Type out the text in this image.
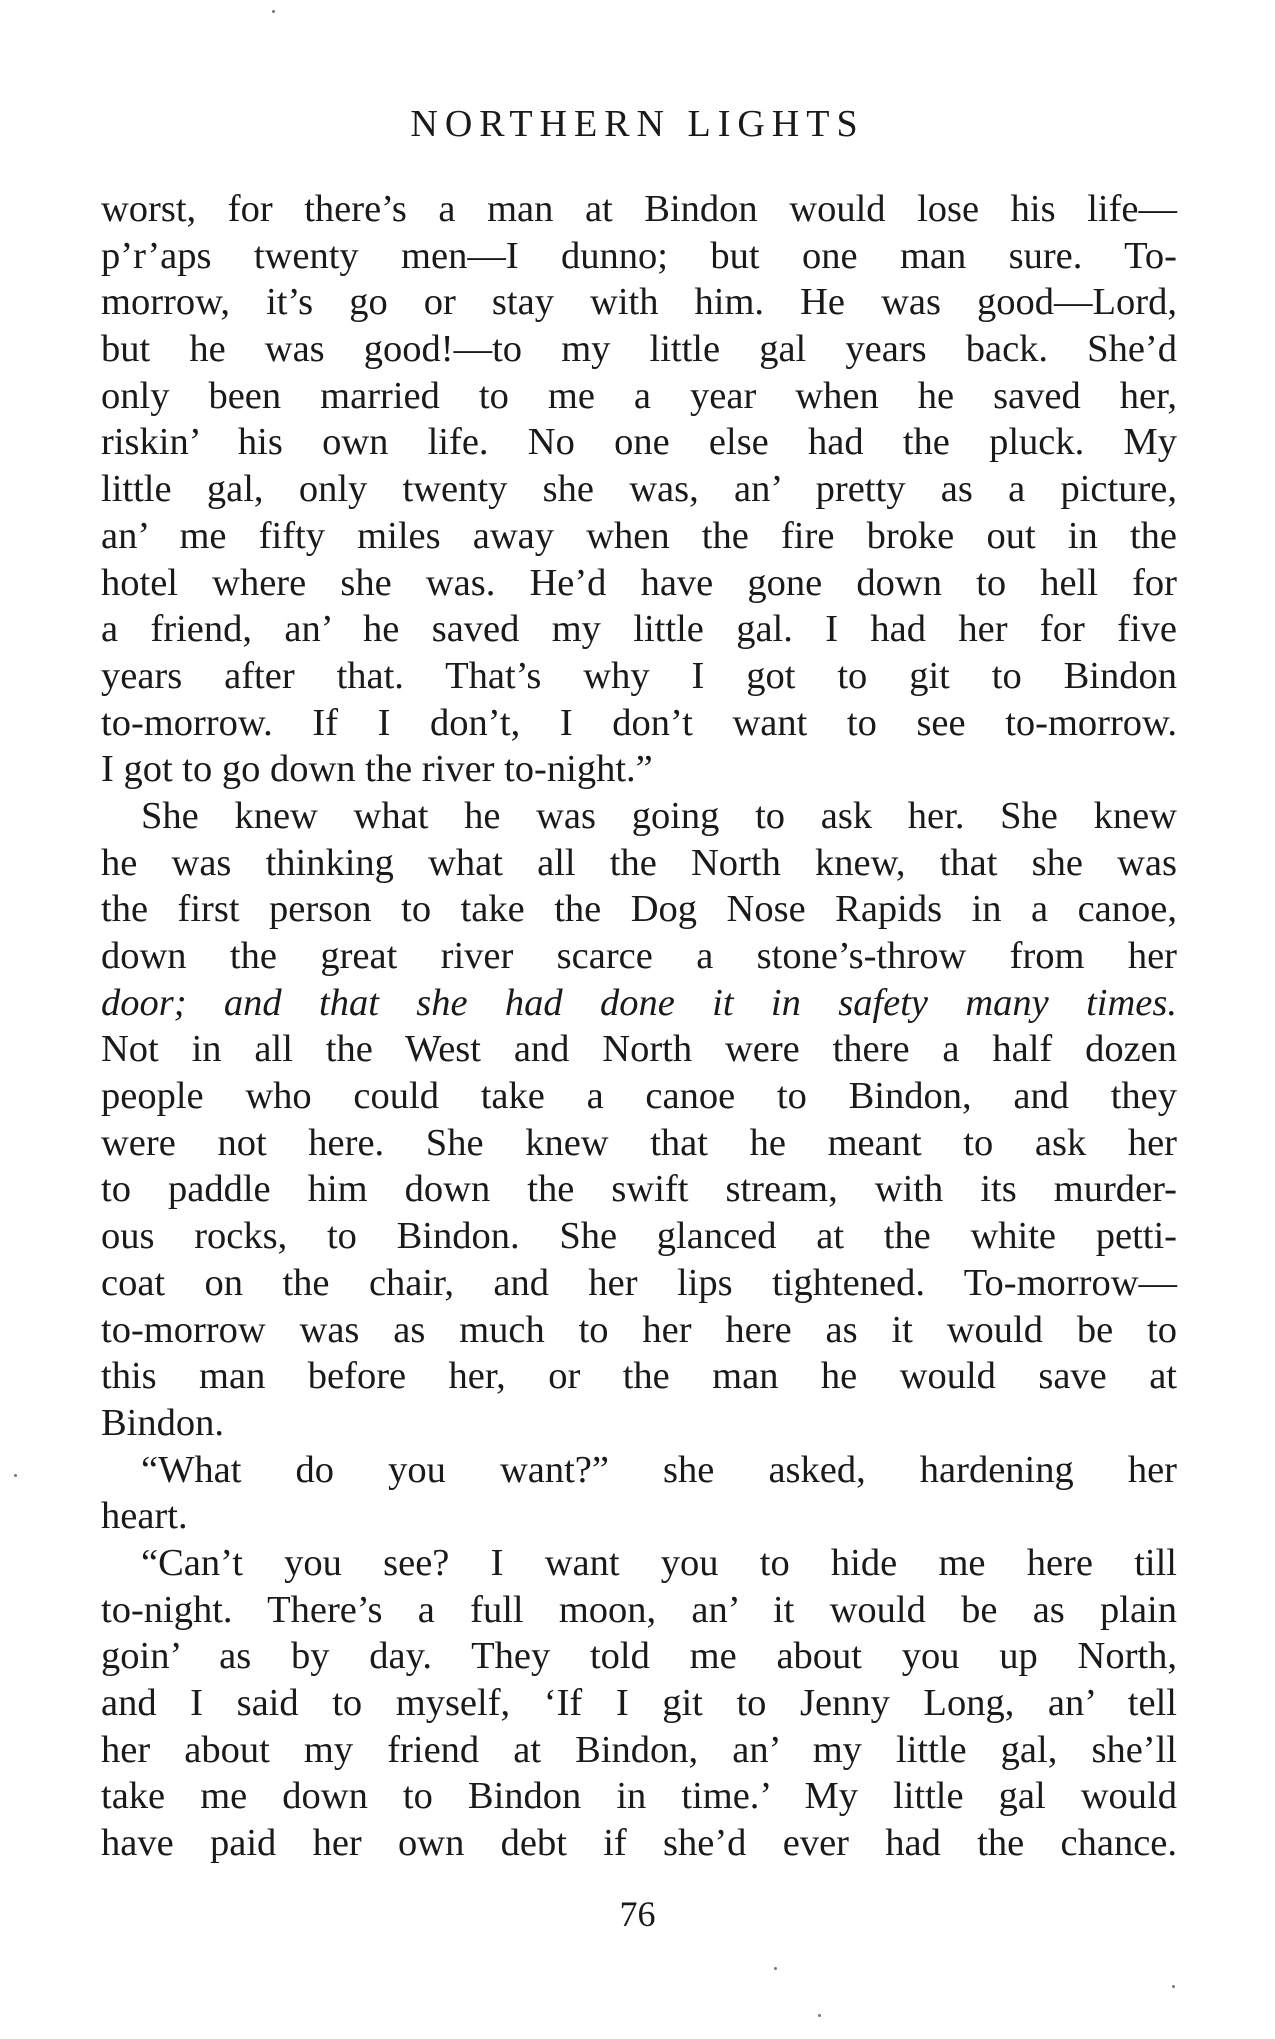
NORTHERN LIGHTS
worst, for there’s a man at Bindon would lose his life—
p’r’aps twenty men—I dunno; but one man sure. To-
morrow, it’s go or stay with him. He was good—Lord,
but he was good!—to my little gal years back. She’d
only been married to me a year when he saved her,
riskin’ his own life. No one else had the pluck. My
little gal, only twenty she was, an’ pretty as a picture,
an’ me fifty miles away when the fire broke out in the
hotel where she was. He’d have gone down to hell for
a friend, an’ he saved my little gal. I had her for five
years after that. That’s why I got to git to Bindon
to-morrow. If I don’t, I don’t want to see to-morrow.
I got to go down the river to-night.”
She knew what he was going to ask her. She knew
he was thinking what all the North knew, that she was
the first person to take the Dog Nose Rapids in a canoe,
down the great river scarce a stone’s-throw from her
door; and that she had done it in safety many times.
Not in all the West and North were there a half dozen
people who could take a canoe to Bindon, and they
were not here. She knew that he meant to ask her
to paddle him down the swift stream, with its murder-
ous rocks, to Bindon. She glanced at the white petti-
coat on the chair, and her lips tightened. To-morrow—
to-morrow was as much to her here as it would be to
this man before her, or the man he would save at
Bindon.
“What do you want?” she asked, hardening her
heart.
“Can’t you see? I want you to hide me here till
to-night. There’s a full moon, an’ it would be as plain
goin’ as by day. They told me about you up North,
and I said to myself, ‘If I git to Jenny Long, an’ tell
her about my friend at Bindon, an’ my little gal, she’ll
take me down to Bindon in time.’ My little gal would
have paid her own debt if she’d ever had the chance.
76
